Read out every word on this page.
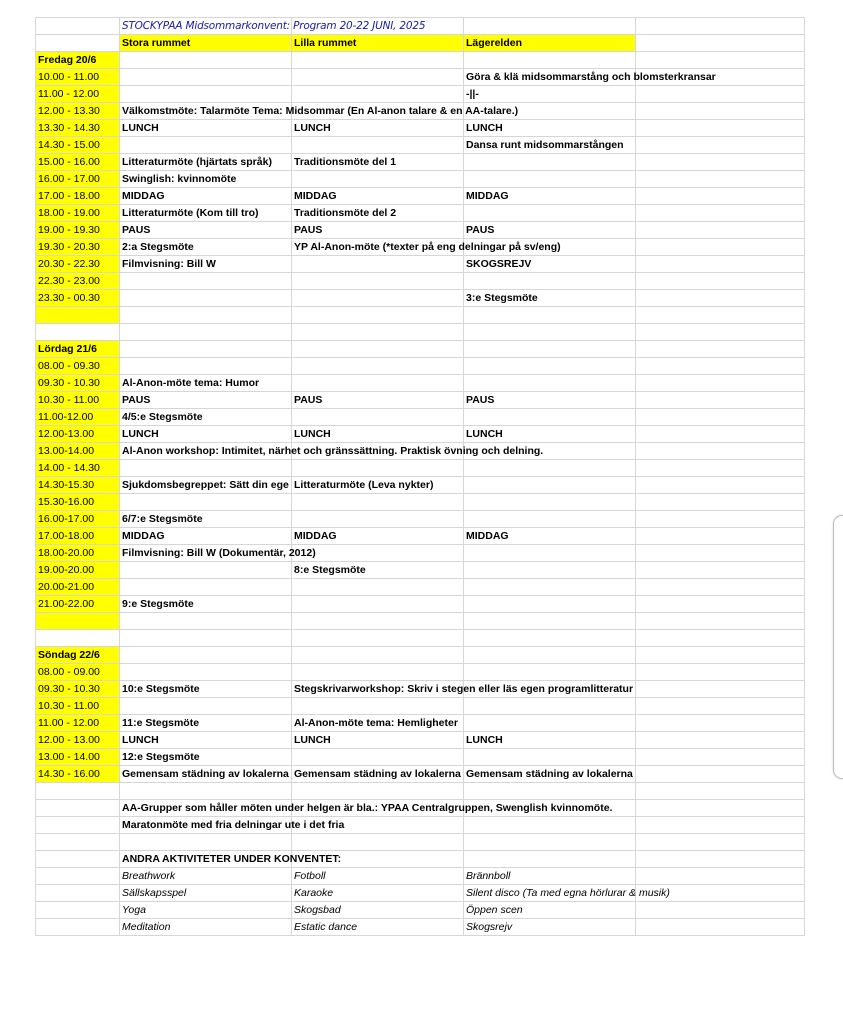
	STOCKYPAA Midsommarkonvent: Program 20-22 JUNI, 2025			
	Stora rummet	Lilla rummet	Lägerelden	
Fredag 20/6				
10.00 - 11.00			Göra & klä midsommarstång och blomsterkransar	
11.00 - 12.00			-||-	
12.00 - 13.30	Välkomstmöte: Talarmöte Tema: Midsommar (En Al-anon talare & en AA-talare.)			
13.30 - 14.30	LUNCH	LUNCH	LUNCH	
14.30 - 15.00			Dansa runt midsommarstången	
15.00 - 16.00	Litteraturmöte (hjärtats språk)	Traditionsmöte del 1		
16.00 - 17.00	Swinglish: kvinnomöte			
17.00 - 18.00	MIDDAG	MIDDAG	MIDDAG	
18.00 - 19.00	Litteraturmöte (Kom till tro)	Traditionsmöte del 2		
19.00 - 19.30	PAUS	PAUS	PAUS	
19.30 - 20.30	2:a Stegsmöte	YP Al-Anon-möte (*texter på eng delningar på sv/eng)		
20.30 - 22.30	Filmvisning: Bill W		SKOGSREJV	
22.30 - 23.00				
23.30 - 00.30			3:e Stegsmöte	

Lördag 21/6				
08.00 - 09.30				
09.30 - 10.30	Al-Anon-möte tema: Humor			
10.30 - 11.00	PAUS	PAUS	PAUS	
11.00-12.00	4/5:e Stegsmöte			
12.00-13.00	LUNCH	LUNCH	LUNCH	
13.00-14.00	Al-Anon workshop: Intimitet, närhet och gränssättning. Praktisk övning och delning.			
14.00 - 14.30				
14.30-15.30	Sjukdomsbegreppet: Sätt din ege	Litteraturmöte (Leva nykter)		
15.30-16.00				
16.00-17.00	6/7:e Stegsmöte			
17.00-18.00	MIDDAG	MIDDAG	MIDDAG	
18.00-20.00	Filmvisning: Bill W (Dokumentär, 2012)			
19.00-20.00		8:e Stegsmöte		
20.00-21.00				
21.00-22.00	9:e Stegsmöte			

Söndag 22/6				
08.00 - 09.00				
09.30 - 10.30	10:e Stegsmöte	Stegskrivarworkshop: Skriv i stegen eller läs egen programlitteratur		
10.30 - 11.00				
11.00 - 12.00	11:e Stegsmöte	Al-Anon-möte tema: Hemligheter		
12.00 - 13.00	LUNCH	LUNCH	LUNCH	
13.00 - 14.00	12:e Stegsmöte			
14.30 - 16.00	Gemensam städning av lokalerna	Gemensam städning av lokalerna	Gemensam städning av lokalerna	

	AA-Grupper som håller möten under helgen är bla.: YPAA Centralgruppen, Swenglish kvinnomöte.			
	Maratonmöte med fria delningar ute i det fria			

	ANDRA AKTIVITETER UNDER KONVENTET:			
	Breathwork	Fotboll	Brännboll	
	Sällskapsspel	Karaoke	Silent disco (Ta med egna hörlurar & musik)	
	Yoga	Skogsbad	Öppen scen	
	Meditation	Estatic dance	Skogsrejv	
